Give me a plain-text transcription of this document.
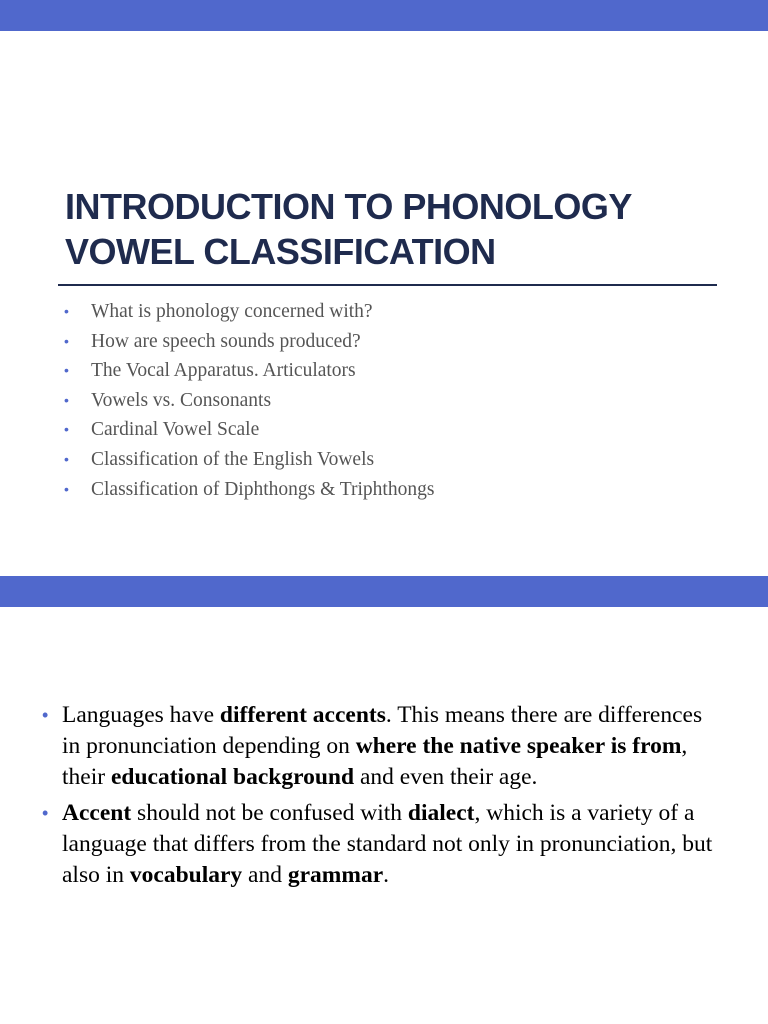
INTRODUCTION TO PHONOLOGY
VOWEL CLASSIFICATION
• What is phonology concerned with?
• How are speech sounds produced?
• The Vocal Apparatus. Articulators
• Vowels vs. Consonants
• Cardinal Vowel Scale
• Classification of the English Vowels
• Classification of Diphthongs & Triphthongs
• Languages have different accents. This means there are differences in pronunciation depending on where the native speaker is from, their educational background and even their age.
• Accent should not be confused with dialect, which is a variety of a language that differs from the standard not only in pronunciation, but also in vocabulary and grammar.
